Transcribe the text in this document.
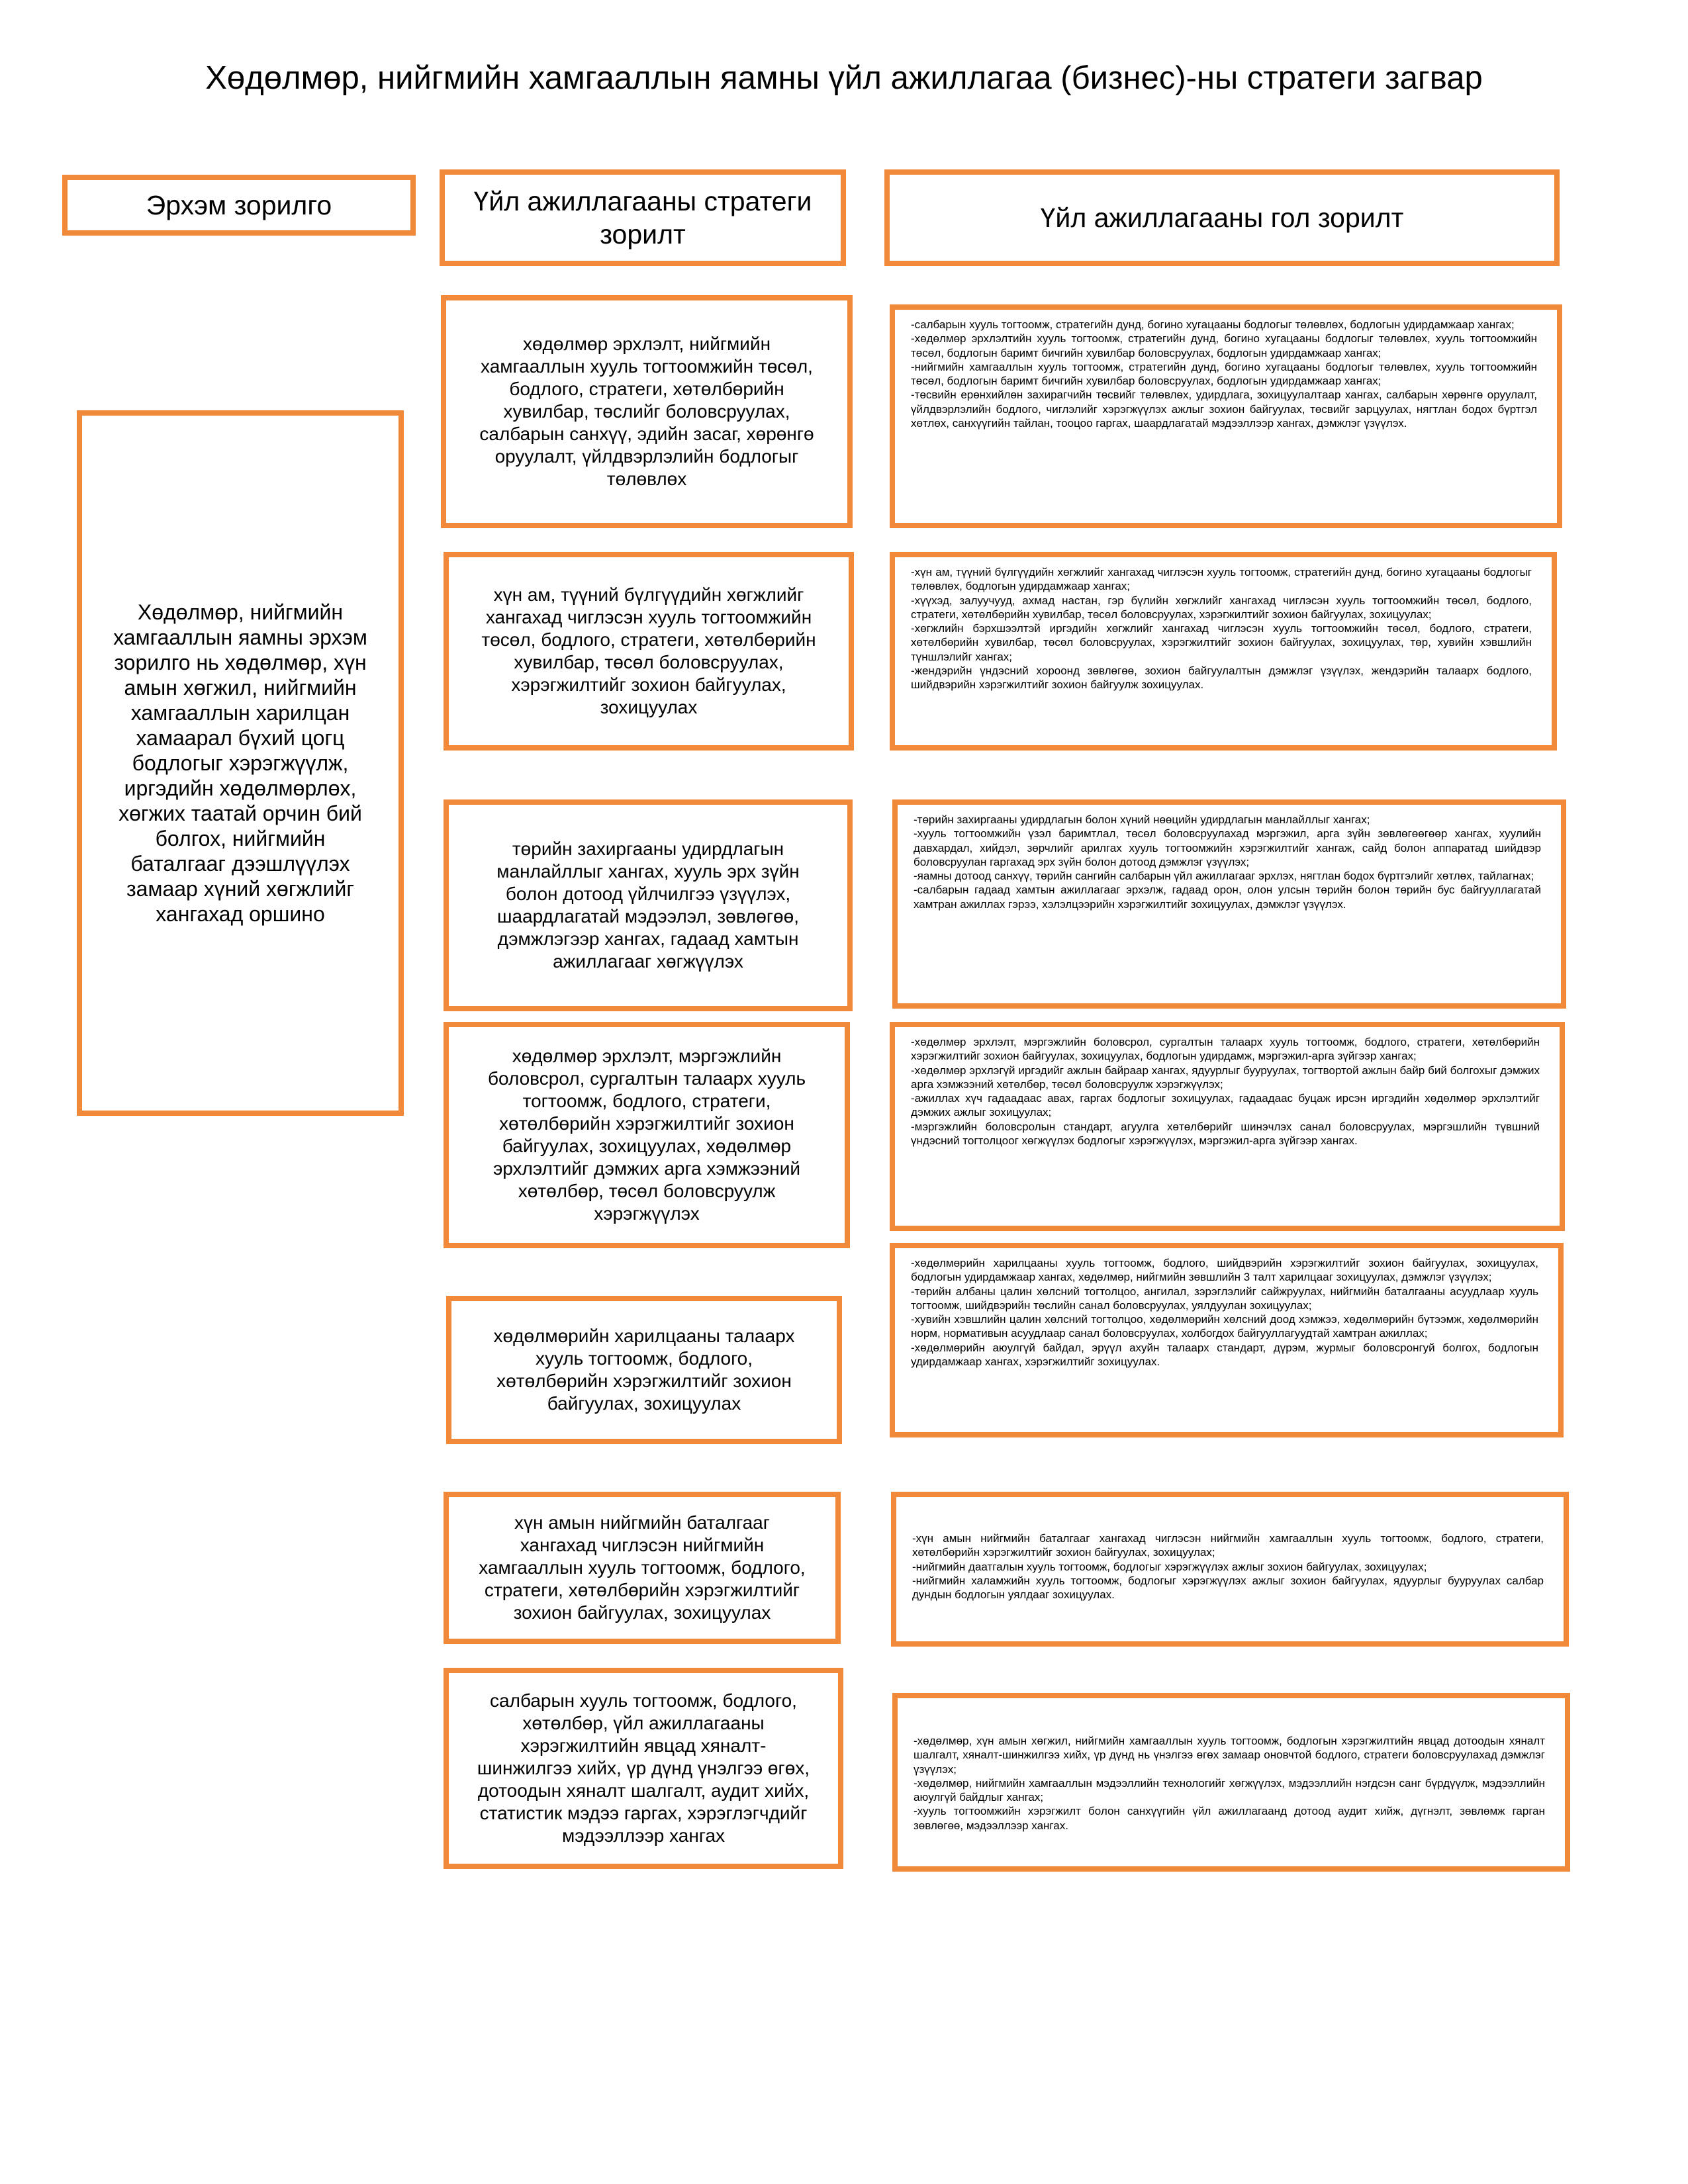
Хөдөлмөр, нийгмийн хамгааллын яамны үйл ажиллагаа (бизнес)-ны стратеги загвар
Эрхэм зорилго	Үйл ажиллагааны стратеги зорилт
Үйл ажиллагааны гол зорилт
Хөдөлмөр, нийгмийн хамгааллын яамны эрхэм зорилго нь хөдөлмөр, хүн амын хөгжил, нийгмийн хамгааллын харилцан хамаарал бүхий цогц бодлогыг хэрэгжүүлж, иргэдийн хөдөлмөрлөх, хөгжих таатай орчин бий болгох, нийгмийн баталгааг дээшлүүлэх замаар хүний хөгжлийг хангахад оршино
хөдөлмөр эрхлэлт, нийгмийн хамгааллын хууль тогтоомжийн төсөл, бодлого, стратеги, хөтөлбөрийн хувилбар, төслийг боловсруулах, салбарын санхүү, эдийн засаг, хөрөнгө оруулалт, үйлдвэрлэлийн бодлогыг төлөвлөх
хүн ам, түүний бүлгүүдийн хөгжлийг хангахад чиглэсэн хууль тогтоомжийн төсөл, бодлого, стратеги, хөтөлбөрийн хувилбар, төсөл боловсруулах, хэрэгжилтийг зохион байгуулах, зохицуулах
төрийн захиргааны удирдлагын манлайллыг хангах, хууль эрх зүйн болон дотоод үйлчилгээ үзүүлэх, шаардлагатай мэдээлэл, зөвлөгөө, дэмжлэгээр хангах, гадаад хамтын ажиллагааг хөгжүүлэх
хөдөлмөр эрхлэлт, мэргэжлийн боловсрол, сургалтын талаарх хууль тогтоомж, бодлого, стратеги, хөтөлбөрийн хэрэгжилтийг зохион байгуулах, зохицуулах, хөдөлмөр эрхлэлтийг дэмжих арга хэмжээний хөтөлбөр, төсөл боловсруулж хэрэгжүүлэх
хөдөлмөрийн харилцааны талаарх хууль тогтоомж, бодлого, хөтөлбөрийн хэрэгжилтийг зохион байгуулах, зохицуулах
хүн амын нийгмийн баталгааг хангахад чиглэсэн нийгмийн хамгааллын хууль тогтоомж, бодлого, стратеги, хөтөлбөрийн хэрэгжилтийг зохион байгуулах, зохицуулах
салбарын хууль тогтоомж, бодлого, хөтөлбөр, үйл ажиллагааны хэрэгжилтийн явцад хяналт-шинжилгээ хийх, үр дүнд үнэлгээ өгөх, дотоодын хяналт шалгалт, аудит хийх, статистик мэдээ гаргах, хэрэглэгчдийг мэдээллээр хангах
-салбарын хууль тогтоомж, стратегийн дунд, богино хугацааны бодлогыг төлөвлөх, бодлогын удирдамжаар хангах;
-хөдөлмөр эрхлэлтийн хууль тогтоомж, стратегийн дунд, богино хугацааны бодлогыг төлөвлөх, хууль тогтоомжийн төсөл, бодлогын баримт бичгийн хувилбар боловсруулах, бодлогын удирдамжаар хангах;
-нийгмийн хамгааллын хууль тогтоомж, стратегийн дунд, богино хугацааны бодлогыг төлөвлөх, хууль тогтоомжийн төсөл, бодлогын баримт бичгийн хувилбар боловсруулах, бодлогын удирдамжаар хангах;
-төсвийн ерөнхийлөн захирагчийн төсвийг төлөвлөх, удирдлага, зохицуулалтаар хангах, салбарын хөрөнгө оруулалт, үйлдвэрлэлийн бодлого, чиглэлийг хэрэгжүүлэх ажлыг зохион байгуулах, төсвийг зарцуулах, нягтлан бодох бүртгэл хөтлөх, санхүүгийн тайлан, тооцоо гаргах, шаардлагатай мэдээллээр хангах, дэмжлэг үзүүлэх.
-хүн ам, түүний бүлгүүдийн хөгжлийг хангахад чиглэсэн хууль тогтоомж, стратегийн дунд, богино хугацааны бодлогыг төлөвлөх, бодлогын удирдамжаар хангах;
-хүүхэд, залуучууд, ахмад настан, гэр бүлийн хөгжлийг хангахад чиглэсэн хууль тогтоомжийн төсөл, бодлого, стратеги, хөтөлбөрийн хувилбар, төсөл боловсруулах, хэрэгжилтийг зохион байгуулах, зохицуулах;
-хөгжлийн бэрхшээлтэй иргэдийн хөгжлийг хангахад чиглэсэн хууль тогтоомжийн төсөл, бодлого, стратеги, хөтөлбөрийн хувилбар, төсөл боловсруулах, хэрэгжилтийг зохион байгуулах, зохицуулах, төр, хувийн хэвшлийн түншлэлийг хангах;
-жендэрийн үндэсний хороонд зөвлөгөө, зохион байгуулалтын дэмжлэг үзүүлэх, жендэрийн талаарх бодлого, шийдвэрийн хэрэгжилтийг зохион байгуулж зохицуулах.
-төрийн захиргааны удирдлагын болон хүний нөөцийн удирдлагын манлайллыг хангах;
-хууль тогтоомжийн үзэл баримтлал, төсөл боловсруулахад мэргэжил, арга зүйн зөвлөгөөгөөр хангах, хуулийн давхардал, хийдэл, зөрчлийг арилгах хууль тогтоомжийн хэрэгжилтийг хангаж, сайд болон аппаратад шийдвэр боловсруулан гаргахад эрх зүйн болон дотоод дэмжлэг үзүүлэх;
-яамны дотоод санхүү, төрийн сангийн салбарын үйл ажиллагааг эрхлэх, нягтлан бодох бүртгэлийг хөтлөх, тайлагнах;
-салбарын гадаад хамтын ажиллагааг эрхэлж, гадаад орон, олон улсын төрийн болон төрийн бус байгууллагатай хамтран ажиллах гэрээ, хэлэлцээрийн хэрэгжилтийг зохицуулах, дэмжлэг үзүүлэх.
-хөдөлмөр эрхлэлт, мэргэжлийн боловсрол, сургалтын талаарх хууль тогтоомж, бодлого, стратеги, хөтөлбөрийн хэрэгжилтийг зохион байгуулах, зохицуулах, бодлогын удирдамж, мэргэжил-арга зүйгээр хангах;
-хөдөлмөр эрхлэгүй иргэдийг ажлын байраар хангах, ядуурлыг бууруулах, тогтвортой ажлын байр бий болгохыг дэмжих арга хэмжээний хөтөлбөр, төсөл боловсруулж хэрэгжүүлэх;
-ажиллах хүч гадаадаас авах, гаргах бодлогыг зохицуулах, гадаадаас буцаж ирсэн иргэдийн хөдөлмөр эрхлэлтийг дэмжих ажлыг зохицуулах;
-мэргэжлийн боловсролын стандарт, агуулга хөтөлбөрийг шинэчлэх санал боловсруулах, мэргэшлийн түвшний үндэсний тогтолцоог хөгжүүлэх бодлогыг хэрэгжүүлэх, мэргэжил-арга зүйгээр хангах.
-хөдөлмөрийн харилцааны хууль тогтоомж, бодлого, шийдвэрийн хэрэгжилтийг зохион байгуулах, зохицуулах, бодлогын удирдамжаар хангах, хөдөлмөр, нийгмийн зөвшлийн 3 талт харилцааг зохицуулах, дэмжлэг үзүүлэх;
-төрийн албаны цалин хөлсний тогтолцоо, ангилал, зэрэглэлийг сайжруулах, нийгмийн баталгааны асуудлаар хууль тогтоомж, шийдвэрийн төслийн санал боловсруулах, уялдуулан зохицуулах;
-хувийн хэвшлийн цалин хөлсний тогтолцоо, хөдөлмөрийн хөлсний доод хэмжээ, хөдөлмөрийн бүтээмж, хөдөлмөрийн норм, нормативын асуудлаар санал боловсруулах, холбогдох байгууллагуудтай хамтран ажиллах;
-хөдөлмөрийн аюулгүй байдал, эрүүл ахуйн талаарх стандарт, дүрэм, журмыг боловсронгуй болгох, бодлогын удирдамжаар хангах, хэрэгжилтийг зохицуулах.
-хүн амын нийгмийн баталгааг хангахад чиглэсэн нийгмийн хамгааллын хууль тогтоомж, бодлого, стратеги, хөтөлбөрийн хэрэгжилтийг зохион байгуулах, зохицуулах;
-нийгмийн даатгалын хууль тогтоомж, бодлогыг хэрэгжүүлэх ажлыг зохион байгуулах, зохицуулах;
-нийгмийн халамжийн хууль тогтоомж, бодлогыг хэрэгжүүлэх ажлыг зохион байгуулах, ядуурлыг бууруулах салбар дундын бодлогын уялдааг зохицуулах.
-хөдөлмөр, хүн амын хөгжил, нийгмийн хамгааллын хууль тогтоомж, бодлогын хэрэгжилтийн явцад дотоодын хяналт шалгалт, хяналт-шинжилгээ хийх, үр дүнд нь үнэлгээ өгөх замаар оновчтой бодлого, стратеги боловсруулахад дэмжлэг үзүүлэх;
-хөдөлмөр, нийгмийн хамгааллын мэдээллийн технологийг хөгжүүлэх, мэдээллийн нэгдсэн санг бүрдүүлж, мэдээллийн аюулгүй байдлыг хангах;
-хууль тогтоомжийн хэрэгжилт болон санхүүгийн үйл ажиллагаанд дотоод аудит хийж, дүгнэлт, зөвлөмж гарган зөвлөгөө, мэдээллээр хангах.
